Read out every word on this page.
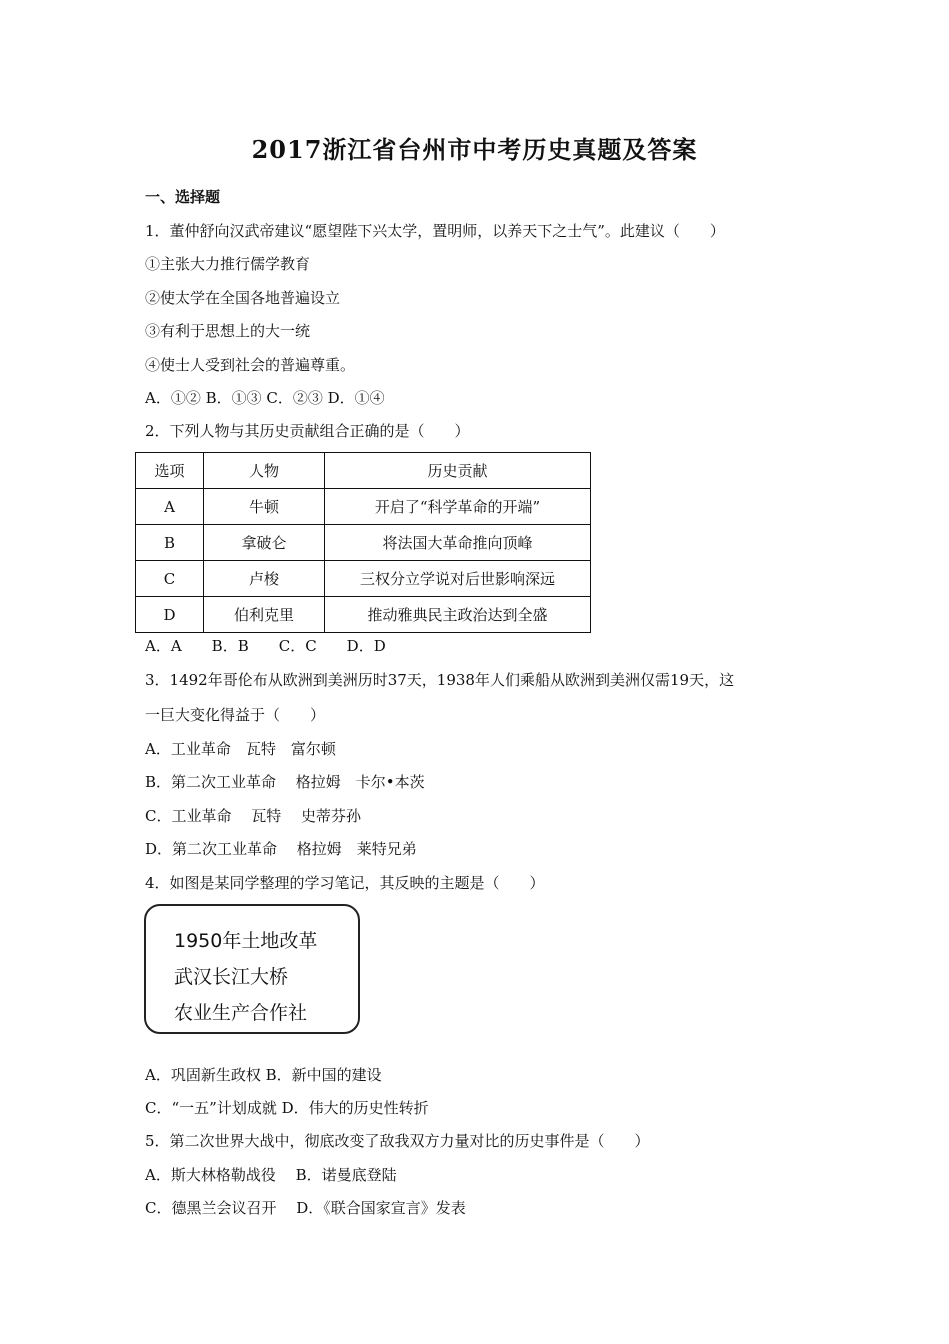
2017浙江省台州市中考历史真题及答案
一、选择题
1．董仲舒向汉武帝建议“愿望陛下兴太学，置明师，以养天下之士气”。此建议（　　）
①主张大力推行儒学教育
②使太学在全国各地普遍设立
③有利于思想上的大一统
④使士人受到社会的普遍尊重。
A．①② B．①③ C．②③ D．①④
2．下列人物与其历史贡献组合正确的是（　　）
选项	人物	历史贡献
A	牛顿	开启了“科学革命的开端”
B	拿破仑	将法国大革命推向顶峰
C	卢梭	三权分立学说对后世影响深远
D	伯利克里	推动雅典民主政治达到全盛
A．A　　B．B　　C．C　　D．D
3．1492年哥伦布从欧洲到美洲历时37天，1938年人们乘船从欧洲到美洲仅需19天，这
一巨大变化得益于（　　）
A．工业革命　瓦特　富尔顿
B．第二次工业革命　 格拉姆　卡尔•本茨
C．工业革命　 瓦特　 史蒂芬孙
D．第二次工业革命　 格拉姆　莱特兄弟
4．如图是某同学整理的学习笔记，其反映的主题是（　　）
1950年土地改革
武汉长江大桥
农业生产合作社
A．巩固新生政权 B．新中国的建设
C．“一五”计划成就 D．伟大的历史性转折
5．第二次世界大战中，彻底改变了敌我双方力量对比的历史事件是（　　）
A．斯大林格勒战役　 B．诺曼底登陆
C．德黑兰会议召开　 D．《联合国家宣言》发表
